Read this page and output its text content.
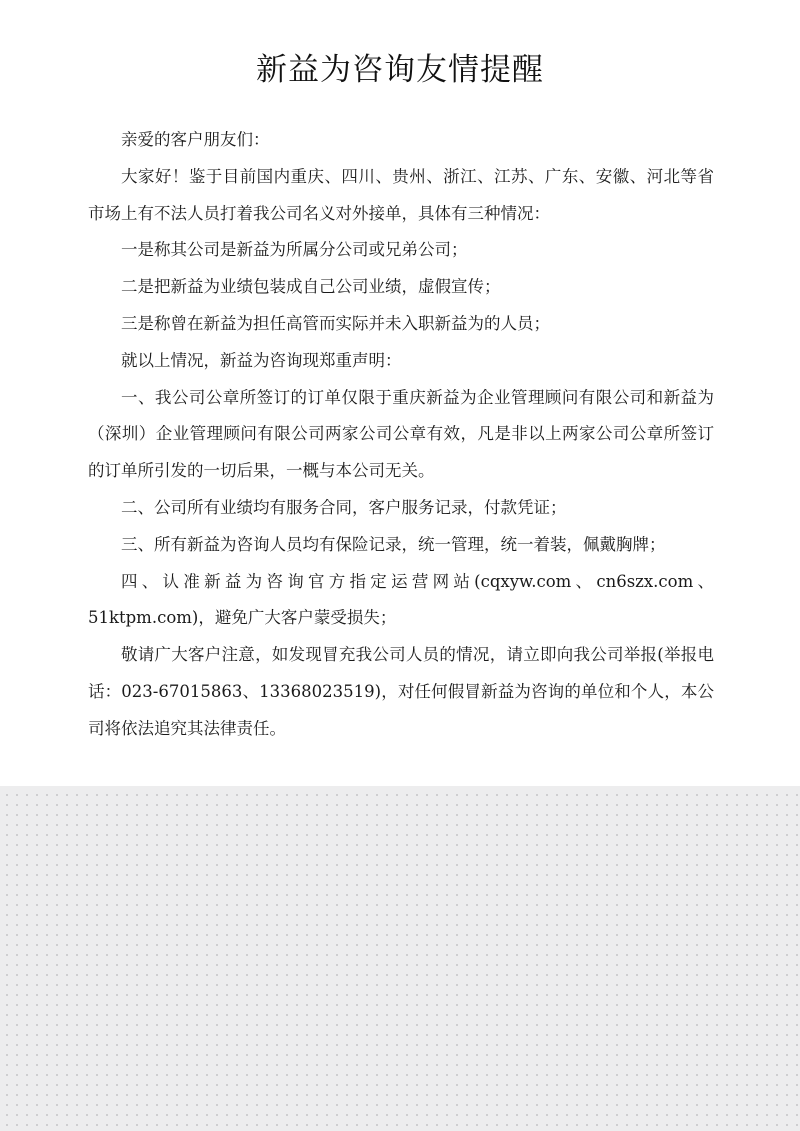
新益为咨询友情提醒

亲爱的客户朋友们：

大家好！鉴于目前国内重庆、四川、贵州、浙江、江苏、广东、安徽、河北等省市场上有不法人员打着我公司名义对外接单，具体有三种情况：

一是称其公司是新益为所属分公司或兄弟公司；

二是把新益为业绩包装成自己公司业绩，虚假宣传；

三是称曾在新益为担任高管而实际并未入职新益为的人员；

就以上情况，新益为咨询现郑重声明：

一、我公司公章所签订的订单仅限于重庆新益为企业管理顾问有限公司和新益为（深圳）企业管理顾问有限公司两家公司公章有效，凡是非以上两家公司公章所签订的订单所引发的一切后果，一概与本公司无关。

二、公司所有业绩均有服务合同，客户服务记录，付款凭证；

三、所有新益为咨询人员均有保险记录，统一管理，统一着装，佩戴胸牌；

四、认准新益为咨询官方指定运营网站(cqxyw.com、cn6szx.com、51ktpm.com)，避免广大客户蒙受损失；

敬请广大客户注意，如发现冒充我公司人员的情况，请立即向我公司举报(举报电话：023-67015863、13368023519)，对任何假冒新益为咨询的单位和个人，本公司将依法追究其法律责任。
